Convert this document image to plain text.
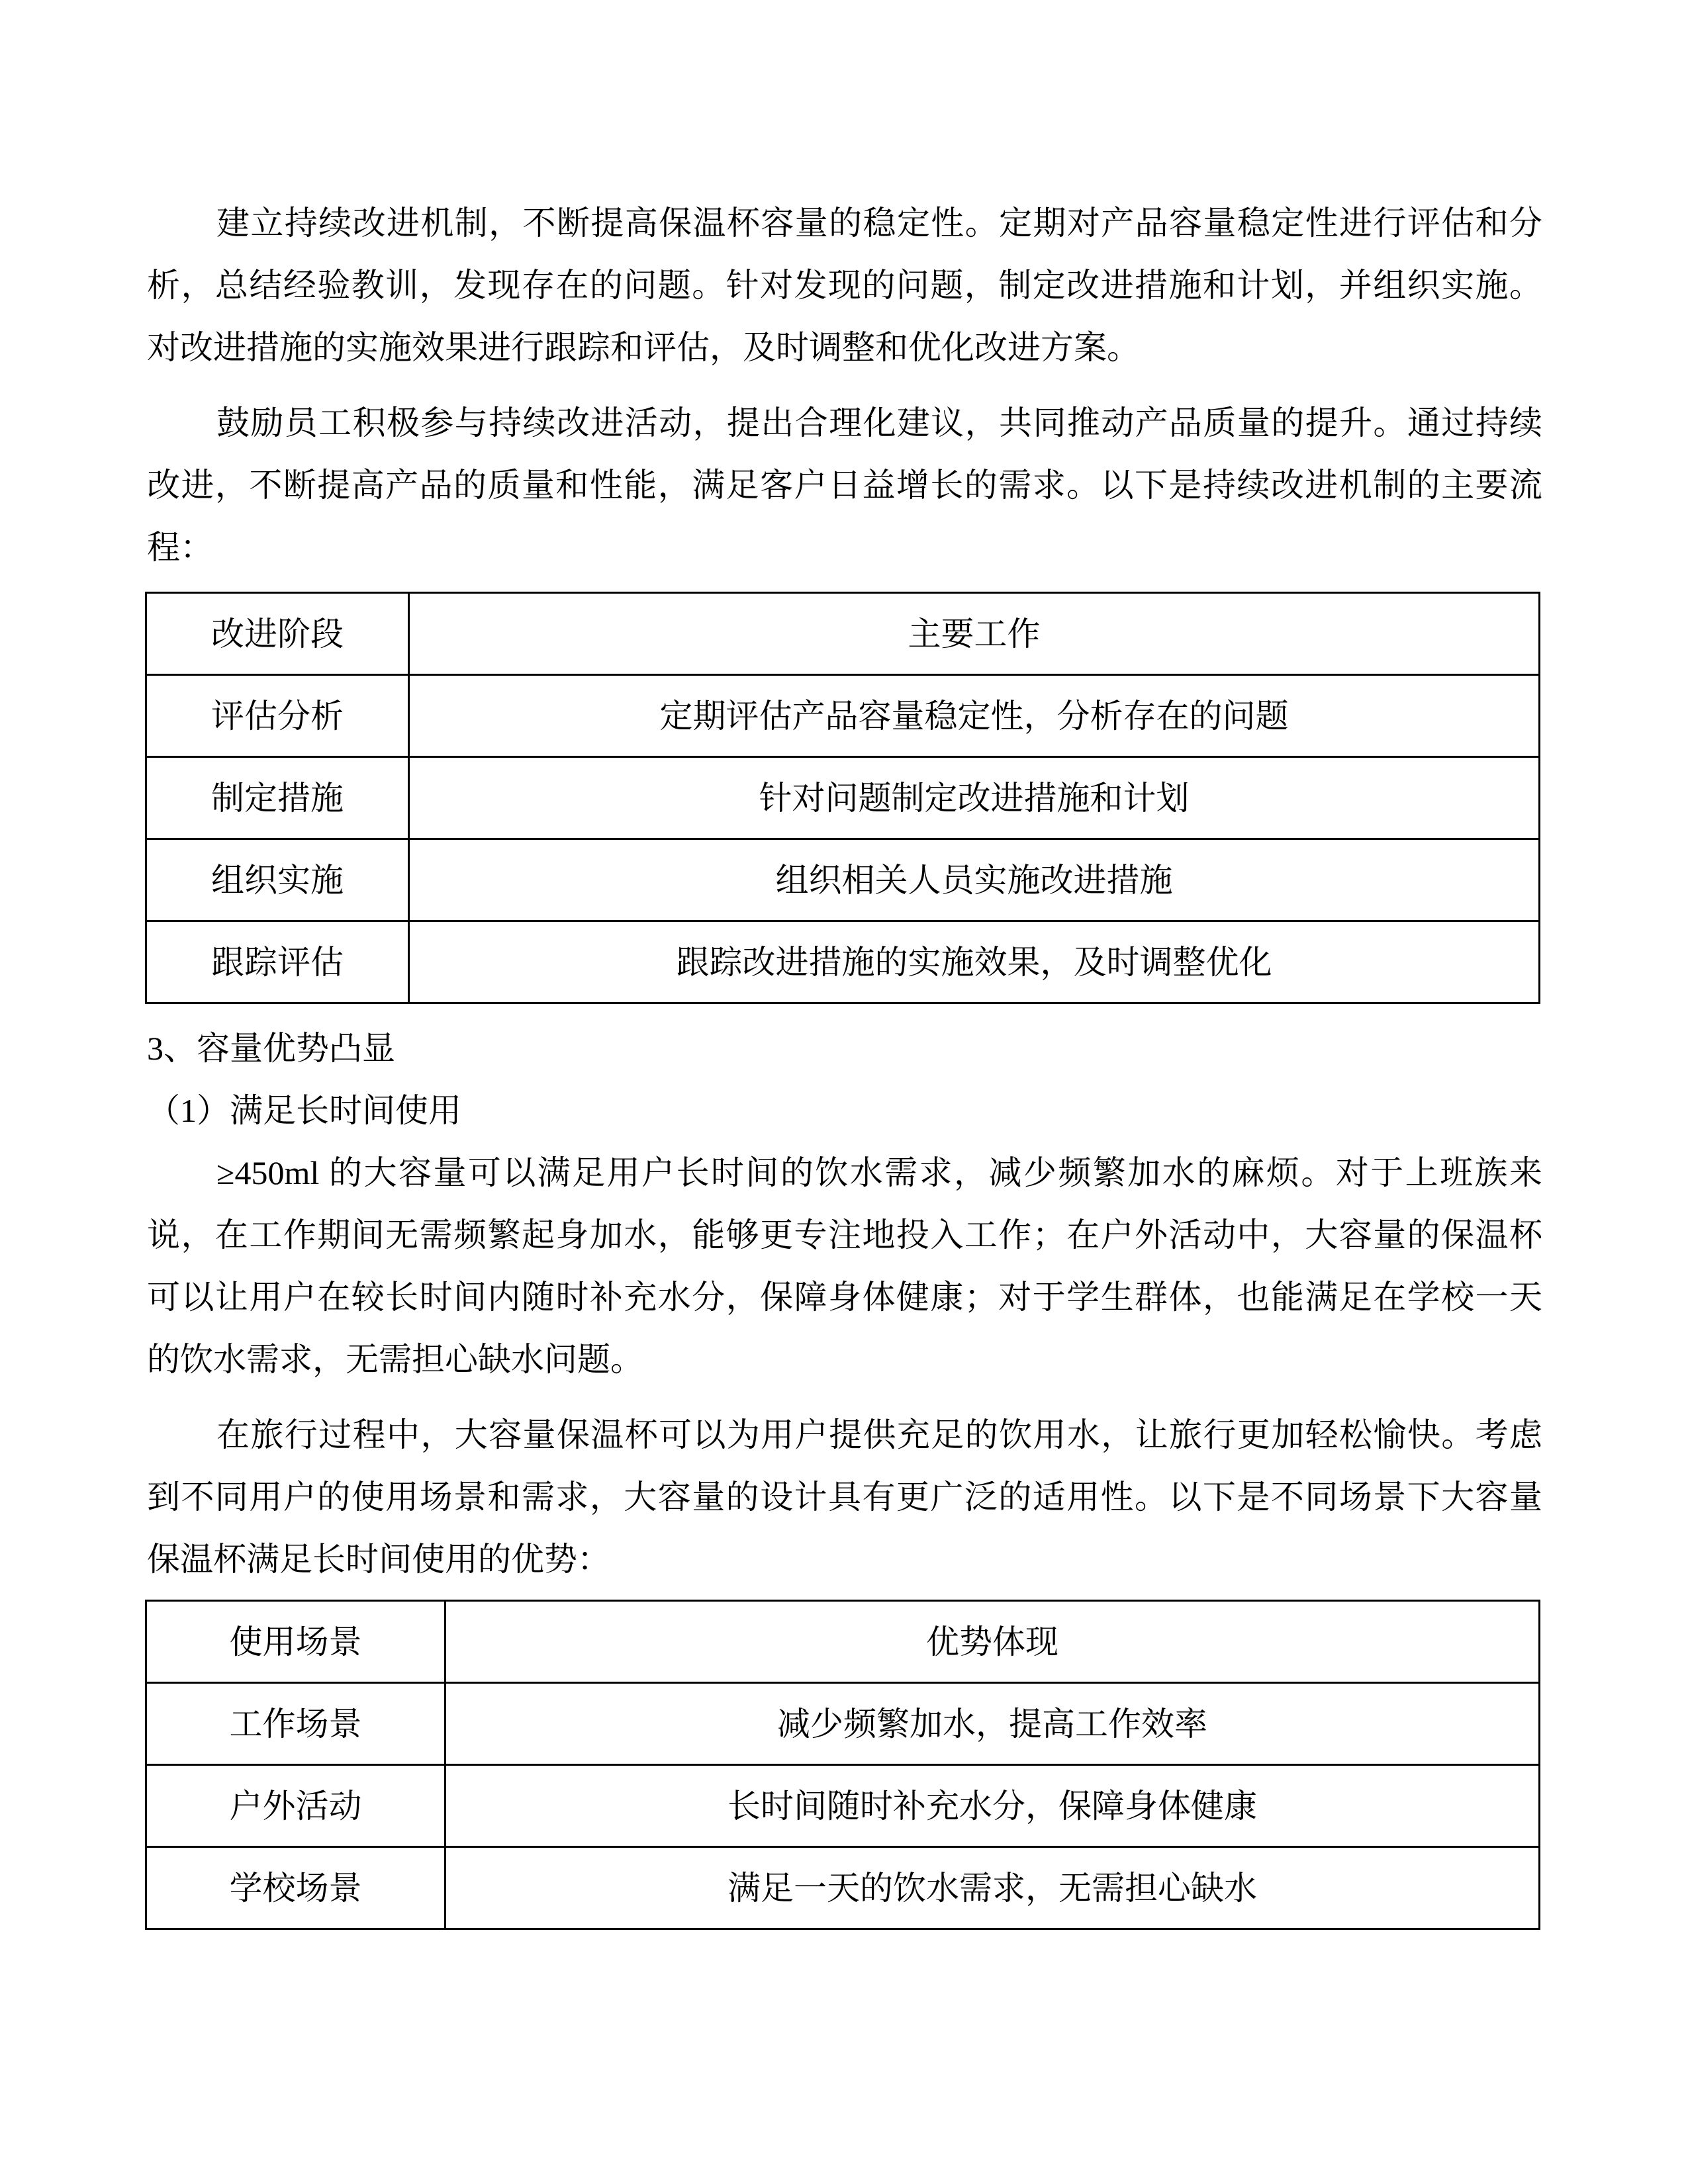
建立持续改进机制，不断提高保温杯容量的稳定性。定期对产品容量稳定性进行评估和分
析，总结经验教训，发现存在的问题。针对发现的问题，制定改进措施和计划，并组织实施。
对改进措施的实施效果进行跟踪和评估，及时调整和优化改进方案。
鼓励员工积极参与持续改进活动，提出合理化建议，共同推动产品质量的提升。通过持续
改进，不断提高产品的质量和性能，满足客户日益增长的需求。以下是持续改进机制的主要流
程：
改进阶段	主要工作
评估分析	定期评估产品容量稳定性，分析存在的问题
制定措施	针对问题制定改进措施和计划
组织实施	组织相关人员实施改进措施
跟踪评估	跟踪改进措施的实施效果，及时调整优化
3、容量优势凸显
（1）满足长时间使用
≥450ml 的大容量可以满足用户长时间的饮水需求，减少频繁加水的麻烦。对于上班族来
说，在工作期间无需频繁起身加水，能够更专注地投入工作；在户外活动中，大容量的保温杯
可以让用户在较长时间内随时补充水分，保障身体健康；对于学生群体，也能满足在学校一天
的饮水需求，无需担心缺水问题。
在旅行过程中，大容量保温杯可以为用户提供充足的饮用水，让旅行更加轻松愉快。考虑
到不同用户的使用场景和需求，大容量的设计具有更广泛的适用性。以下是不同场景下大容量
保温杯满足长时间使用的优势：
使用场景	优势体现
工作场景	减少频繁加水，提高工作效率
户外活动	长时间随时补充水分，保障身体健康
学校场景	满足一天的饮水需求，无需担心缺水
